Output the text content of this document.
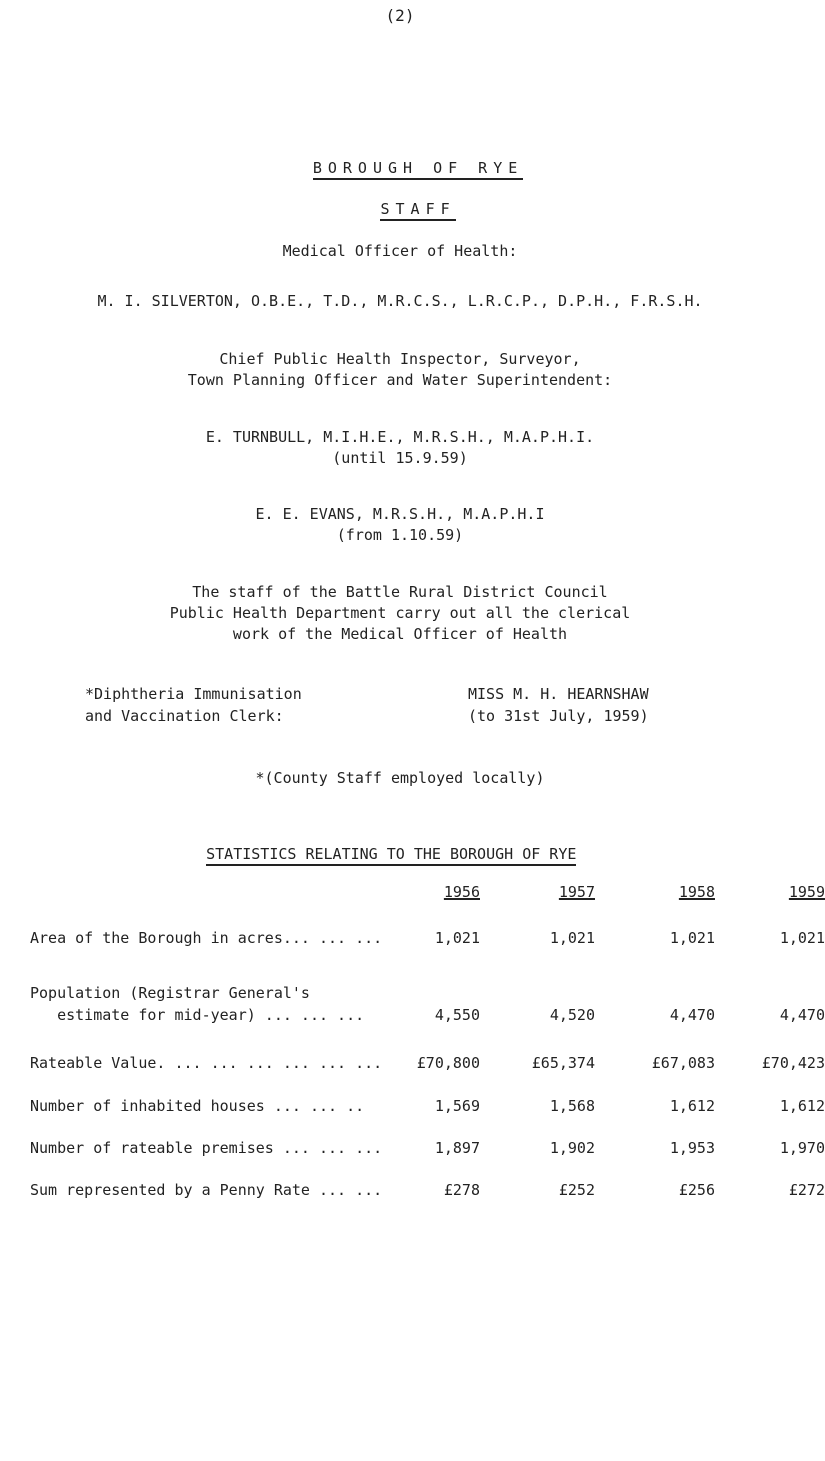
(2)

BOROUGH OF RYE

STAFF

Medical Officer of Health:
M. I. SILVERTON, O.B.E., T.D., M.R.C.S., L.R.C.P., D.P.H., F.R.S.H.
Chief Public Health Inspector, Surveyor,
Town Planning Officer and Water Superintendent:
E. TURNBULL, M.I.H.E., M.R.S.H., M.A.P.H.I.
(until 15.9.59)
E. E. EVANS, M.R.S.H., M.A.P.H.I
(from 1.10.59)
The staff of the Battle Rural District Council
Public Health Department carry out all the clerical
work of the Medical Officer of Health
*Diphtheria Immunisation
and Vaccination Clerk:
MISS M. H. HEARNSHAW
(to 31st July, 1959)
*(County Staff employed locally)

STATISTICS RELATING TO THE BOROUGH OF RYE

1956	1957	1958	1959
Area of the Borough in acres... ... ...	1,021	1,021	1,021	1,021
Population (Registrar General's
estimate for mid-year) ... ... ...	4,550	4,520	4,470	4,470
Rateable Value. ... ... ... ... ... ...	£70,800	£65,374	£67,083	£70,423
Number of inhabited houses ... ... ..	1,569	1,568	1,612	1,612
Number of rateable premises ... ... ...	1,897	1,902	1,953	1,970
Sum represented by a Penny Rate ... ...	£278	£252	£256	£272
